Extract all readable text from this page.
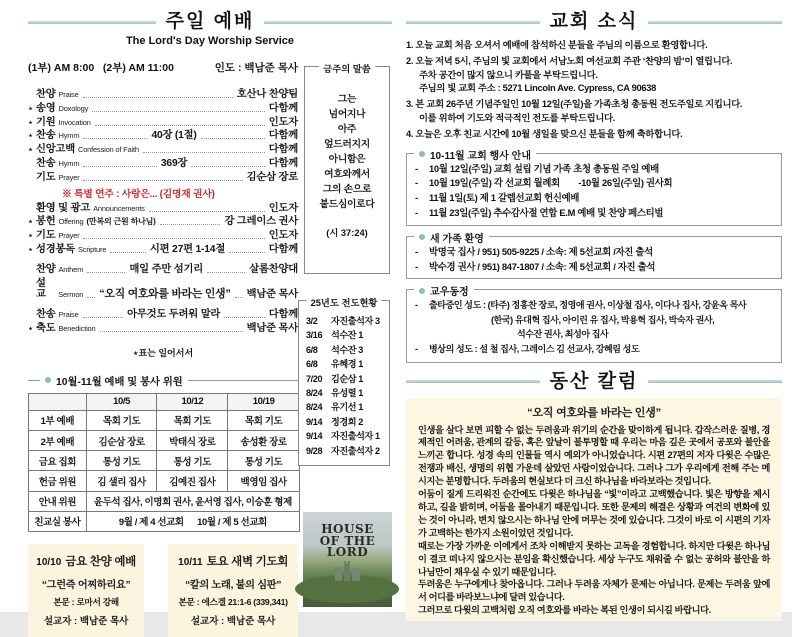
주일 예배
The Lord's Day Worship Service
(1부) AM 8:00   (2부) AM 11:00	인도 : 백남준 목사
찬양 Praise	호산나 찬양팀
⋆ 송영 Doxology	다함께
⋆ 기원 Invocation	인도자
⋆ 찬송 Hymm	40장 (1절)	다함께
⋆ 신앙고백 Confession of Faith	다함께
찬송 Hymm	369장	다함께
기도 Prayer	김순삼 장로
※ 특별 연주 : 사랑은... (김명재 권사)
환영 및 광고 Announcements	인도자
⋆ 봉헌 Offering (만복의 근원 하나님)	강 그레이스 권사
⋆ 기도 Prayer	인도자
⋆ 성경봉독 Scripture	시편 27편 1-14절	다함께
찬양 Anthem	매일 주만 섬기리	살롬찬양대
설교	Sermon “오직 여호와를 바라는 인생” 백남준 목사
찬송 Praise	아무것도 두려워 말라	다함께
⋆ 축도 Benediction	백남준 목사
⋆표는 일어서서
10월-11월 예배 및 봉사 위원
	10/5	10/12	10/19
1부 예배	목회 기도	목회 기도	목회 기도
2부 예배	김순삼 장로	박태식 장로	송성환 장로
금요 집회	통성 기도	통성 기도	통성 기도
헌금 위원	김 샐리 집사	김예진 집사	백영임 집사
안내 위원	윤두석 집사, 이명희 권사, 윤서영 집사, 이승훈 형제		
친교실 봉사	9월 / 제 4 선교회      10월 / 제 5 선교회		
10/10 금요 찬양 예배
“그런즉 어찌하리요”
본문 : 로마서 강해
설교자 : 백남준 목사
10/11 토요 새벽 기도회
“칼의 노래, 불의 심판”
본문 : 에스겔 21:1-6 (339,341)
설교자 : 백남준 목사
금주의 말씀
그는
넘어지나
아주
엎드러지지
아니함은
여호와께서
그의 손으로
붙드심이로다
(시 37:24)
25년도 전도현황
3/2	자진출석자 3
3/16 석수잔 1
6/8	석수잔 3
6/8	유혜경 1
7/20 김순삼 1
8/24 유성렬 1
8/24 유기선 1
9/14 정경희 2
9/14 자진출석자 1
9/28 자진출석자 2
HOUSE
OF THE
LORD
교회 소식
1. 오늘 교회 처음 오셔서 예배에 참석하신 분들을 주님의 이름으로 환영합니다.
2. 오늘 저녁 5시, 주님의 빛 교회에서 서남노회 여선교회 주관 ‘찬양의 밤’이 열립니다.
주차 공간이 많지 않으니 카풀을 부탁드립니다.
주님의 빛 교회 주소 : 5271 Lincoln Ave. Cypress, CA 90638
3. 본 교회 26주년 기념주일인 10월 12일(주일)을 가족초청 총동원 전도주일로 지킵니다.
이를 위하여 기도와 적극적인 전도를 부탁드립니다.
4. 오늘은 오후 친교 시간에 10월 생일을 맞으신 분들을 함께 축하합니다.
10-11월 교회 행사 안내
-	10월 12일(주일) 교회 설립 기념 가족 초청 총동원 주일 예배
-	10월 19일(주일) 각 선교회 월례회        -10월 26일(주일) 권사회
-	11월 1일(토) 제 1 갈렙선교회 헌신예배
-	11월 23일(주일) 추수감사절 연합 E.M 예배 및 찬양 페스티벌
새 가족 환영
-	박명국 집사 / 951) 505-9225 / 소속: 제 5선교회 /자진 출석
-	박수경 권사 / 951) 847-1807 / 소속: 제 5선교회 / 자진 출석
교우동정
-	출타중인 성도 : (타주) 정홍찬 장로, 정영애 권사, 이상철 집사, 이다나 집사, 강윤옥 목사
(한국) 유대혁 집사, 아이린 유 집사, 박용혁 집사, 박숙자 권사,
석수잔 권사, 최성아 집사
-	병상의 성도 : 설 철 집사, 그레이스 김 선교사, 강혜림 성도
동산 칼럼
“오직 여호와를 바라는 인생”

인생을 살다 보면 피할 수 없는 두려움과 위기의 순간을 맞이하게 됩니다. 갑작스러운 질병, 경제적인 어려움, 관계의 갈등, 혹은 앞날이 불투명할 때 우리는 마음 깊은 곳에서 공포와 불안을 느끼곤 합니다. 성경 속의 인물들 역시 예외가 아니었습니다. 시편 27편의 저자 다윗은 수많은 전쟁과 배신, 생명의 위협 가운데 살았던 사람이었습니다. 그러나 그가 우리에게 전해 주는 메시지는 분명합니다. 두려움의 현실보다 더 크신 하나님을 바라보라는 것입니다.

어둠이 짙게 드리워진 순간에도 다윗은 하나님을 “빛”이라고 고백했습니다. 빛은 방향을 제시하고, 길을 밝히며, 어둠을 몰아내기 때문입니다. 또한 문제의 해결은 상황과 여건의 변화에 있는 것이 아니라, 변치 않으시는 하나님 안에 머무는 것에 있습니다. 그것이 바로 이 시편의 기자가 고백하는 한가지 소원이었던 것입니다.

때로는 가장 가까운 이에게서 조차 이해받지 못하는 고독을 경험합니다. 하지만 다윗은 하나님이 결코 떠나지 않으시는 분임을 확신했습니다. 세상 누구도 채워줄 수 없는 공허와 불안을 하나님만이 채우실 수 있기 때문입니다.

두려움은 누구에게나 찾아옵니다. 그러나 두려움 자체가 문제는 아닙니다. 문제는 두려움 앞에서 어디를 바라보느냐에 달려 있습니다.

그러므로 다윗의 고백처럼 오직 여호와를 바라는 복된 인생이 되시길 바랍니다.
